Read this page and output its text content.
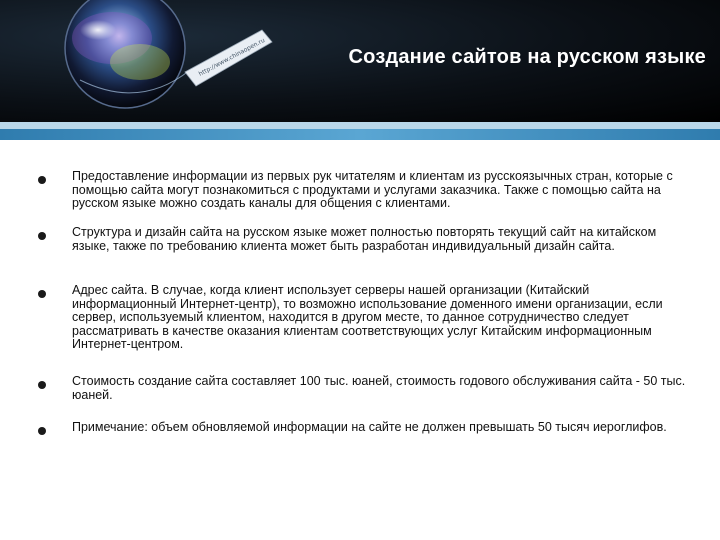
http://www.chinaopen.ru	Создание сайтов на русском языке
Предоставление информации из первых рук читателям и клиентам из русскоязычных стран, которые с помощью сайта могут познакомиться с продуктами и услугами заказчика. Также с помощью сайта на русском языке можно создать каналы для общения с клиентами.
Структура и дизайн сайта на русском языке может полностью повторять текущий сайт на китайском языке, также по требованию клиента может быть разработан индивидуальный дизайн сайта.
Адрес сайта. В случае, когда клиент использует серверы нашей организации (Китайский информационный Интернет-центр), то возможно использование доменного имени организации, если сервер, используемый клиентом, находится в другом месте, то данное сотрудничество следует рассматривать в качестве оказания клиентам соответствующих услуг Китайским информационным Интернет-центром.
Стоимость создание сайта составляет 100 тыс. юаней, стоимость годового обслуживания сайта - 50 тыс. юаней.
Примечание: объем обновляемой информации на сайте не должен превышать 50 тысяч иероглифов.
